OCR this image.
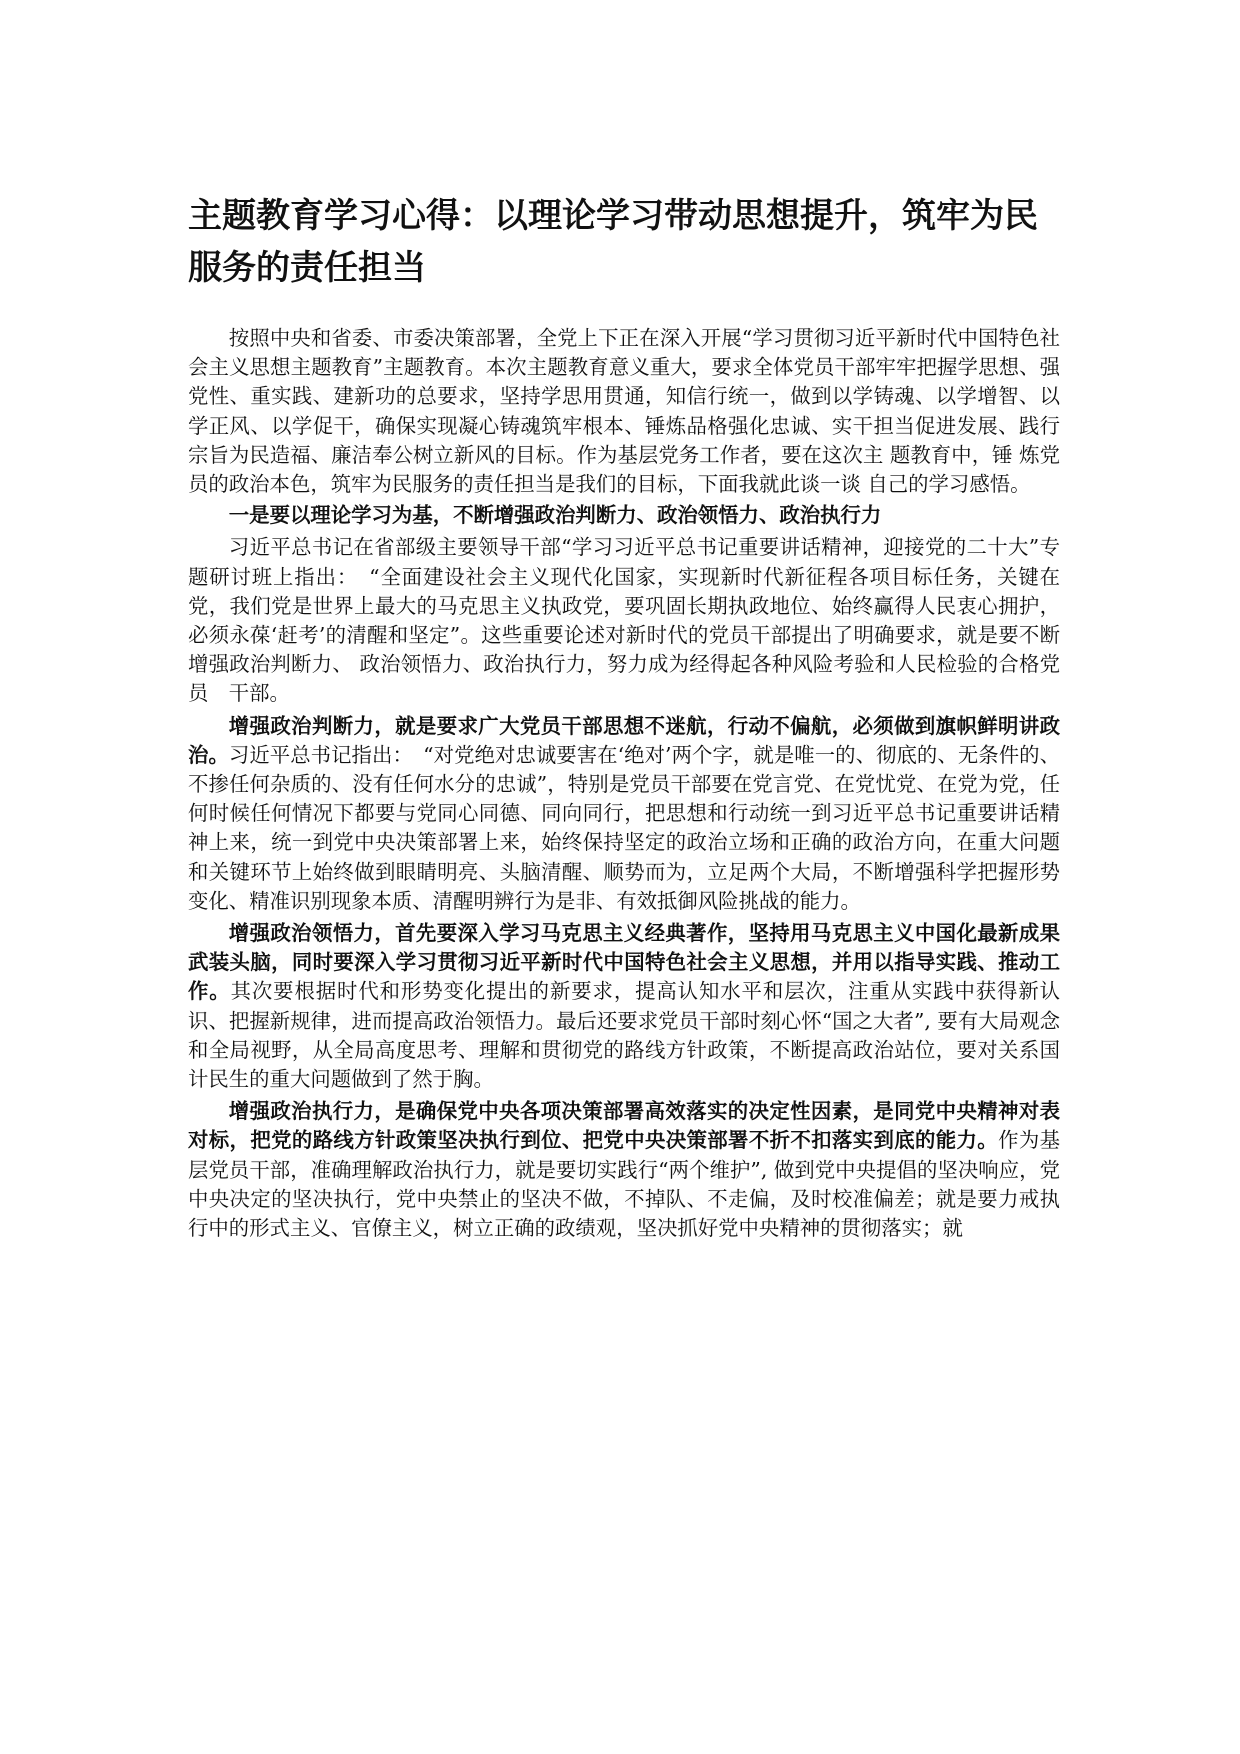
主题教育学习心得：以理论学习带动思想提升，筑牢为民服务的责任担当

按照中央和省委、市委决策部署，全党上下正在深入开展“学习贯彻习近平新时代中国特色社会主义思想主题教育”主题教育。本次主题教育意义重大，要求全体党员干部牢牢把握学思想、强党性、重实践、建新功的总要求，坚持学思用贯通，知信行统一，做到以学铸魂、以学增智、以学正风、以学促干，确保实现凝心铸魂筑牢根本、锤炼品格强化忠诚、实干担当促进发展、践行宗旨为民造福、廉洁奉公树立新风的目标。作为基层党务工作者，要在这次主 题教育中，锤 炼党员的政治本色，筑牢为民服务的责任担当是我们的目标，下面我就此谈一谈 自己的学习感悟。

一是要以理论学习为基，不断增强政治判断力、政治领悟力、政治执行力

习近平总书记在省部级主要领导干部“学习习近平总书记重要讲话精神，迎接党的二十大”专题研讨班上指出：　“全面建设社会主义现代化国家，实现新时代新征程各项目标任务，关键在党，我们党是世界上最大的马克思主义执政党，要巩固长期执政地位、始终赢得人民衷心拥护，必须永葆‘赶考’的清醒和坚定”。这些重要论述对新时代的党员干部提出了明确要求，就是要不断增强政治判断力、 政治领悟力、政治执行力，努力成为经得起各种风险考验和人民检验的合格党员　干部。

增强政治判断力，就是要求广大党员干部思想不迷航，行动不偏航，必须做到旗帜鲜明讲政治。习近平总书记指出：　“对党绝对忠诚要害在‘绝对’两个字，就是唯一的、彻底的、无条件的、不掺任何杂质的、没有任何水分的忠诚”，特别是党员干部要在党言党、在党忧党、在党为党，任何时候任何情况下都要与党同心同德、同向同行，把思想和行动统一到习近平总书记重要讲话精神上来，统一到党中央决策部署上来，始终保持坚定的政治立场和正确的政治方向，在重大问题和关键环节上始终做到眼睛明亮、头脑清醒、顺势而为，立足两个大局，不断增强科学把握形势变化、精准识别现象本质、清醒明辨行为是非、有效抵御风险挑战的能力。

增强政治领悟力，首先要深入学习马克思主义经典著作，坚持用马克思主义中国化最新成果武装头脑，同时要深入学习贯彻习近平新时代中国特色社会主义思想，并用以指导实践、推动工作。其次要根据时代和形势变化提出的新要求，提高认知水平和层次，注重从实践中获得新认识、把握新规律，进而提高政治领悟力。最后还要求党员干部时刻心怀“国之大者”, 要有大局观念和全局视野，从全局高度思考、理解和贯彻党的路线方针政策，不断提高政治站位，要对关系国计民生的重大问题做到了然于胸。

增强政治执行力，是确保党中央各项决策部署高效落实的决定性因素，是同党中央精神对表对标，把党的路线方针政策坚决执行到位、把党中央决策部署不折不扣落实到底的能力。作为基层党员干部，准确理解政治执行力，就是要切实践行“两个维护”, 做到党中央提倡的坚决响应，党中央决定的坚决执行，党中央禁止的坚决不做，不掉队、不走偏，及时校准偏差；就是要力戒执行中的形式主义、官僚主义，树立正确的政绩观，坚决抓好党中央精神的贯彻落实；就
